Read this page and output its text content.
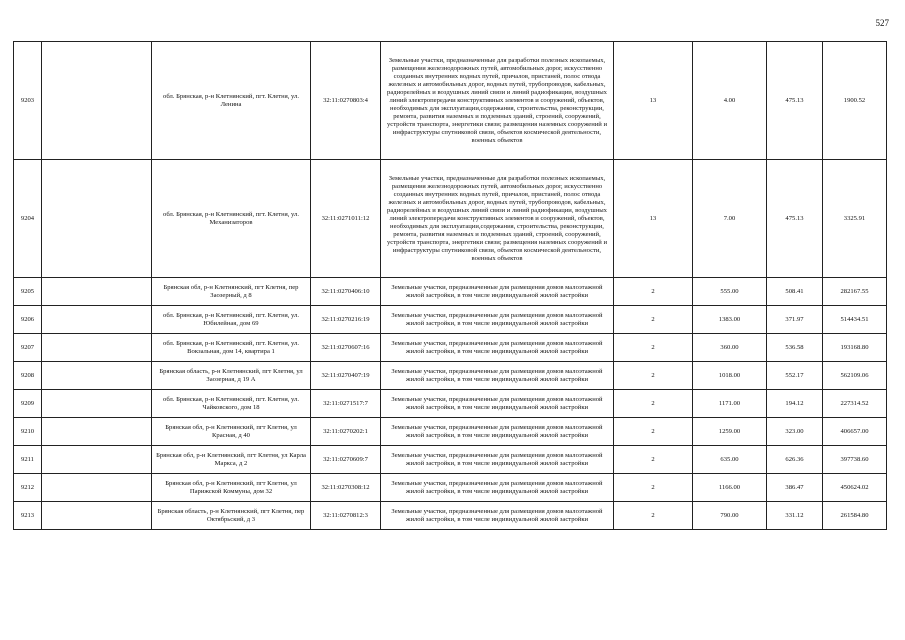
527
9203		обл. Брянская, р-н Клетнянский, пгт. Клетня, ул. Ленина	32:11:0270803:4	Земельные участки, предназначенные для разработки полезных ископаемых, размещения железнодорожных путей, автомобильных дорог, искусственно созданных внутренних водных путей, причалов, пристаней, полос отвода железных и автомобильных дорог, водных путей, трубопроводов, кабельных, радиорелейных и воздушных линий связи и линий радиофикации, воздушных линий электропередачи конструктивных элементов и сооружений, объектов, необходимых для эксплуатации,содержания, строительства, реконструкции, ремонта, развития наземных и подземных зданий, строений, сооружений, устройств транспорта, энергетики связи; размещения наземных сооружений и инфраструктуры спутниковой связи, объектов космической деятельности, военных объектов	13	4.00	475.13	1900.52
9204		обл. Брянская, р-н Клетнянский, пгт. Клетня, ул. Механизаторов	32:11:0271011:12	Земельные участки, предназначенные для разработки полезных ископаемых, размещения железнодорожных путей, автомобильных дорог, искусственно созданных внутренних водных путей, причалов, пристаней, полос отвода железных и автомобильных дорог, водных путей, трубопроводов, кабельных, радиорелейных и воздушных линий связи и линий радиофикации, воздушных линий электропередачи конструктивных элементов и сооружений, объектов, необходимых для эксплуатации,содержания, строительства, реконструкции, ремонта, развития наземных и подземных зданий, строений, сооружений, устройств транспорта, энергетики связи; размещения наземных сооружений и инфраструктуры спутниковой связи, объектов космической деятельности, военных объектов	13	7.00	475.13	3325.91
9205		Брянская обл, р-н Клетнянский, пгт Клетня, пер Заозерный, д 8	32:11:0270406:10	Земельные участки, предназначенные для размещения домов малоэтажной жилой застройки, в том числе индивидуальной жилой застройки	2	555.00	508.41	282167.55
9206		обл. Брянская, р-н Клетнянский, пгт. Клетня, ул. Юбилейная, дом 69	32:11:0270216:19	Земельные участки, предназначенные для размещения домов малоэтажной жилой застройки, в том числе индивидуальной жилой застройки	2	1383.00	371.97	514434.51
9207		обл. Брянская, р-н Клетнянский, пгт. Клетня, ул. Вокзальная, дом 14, квартира 1	32:11:0270607:16	Земельные участки, предназначенные для размещения домов малоэтажной жилой застройки, в том числе индивидуальной жилой застройки	2	360.00	536.58	193168.80
9208		Брянская область, р-н Клетнянский, пгт Клетня, ул Заозерная, д 19 А	32:11:0270407:19	Земельные участки, предназначенные для размещения домов малоэтажной жилой застройки, в том числе индивидуальной жилой застройки	2	1018.00	552.17	562109.06
9209		обл. Брянская, р-н Клетнянский, пгт. Клетня, ул. Чайковского, дом 18	32:11:0271517:7	Земельные участки, предназначенные для размещения домов малоэтажной жилой застройки, в том числе индивидуальной жилой застройки	2	1171.00	194.12	227314.52
9210		Брянская обл, р-н Клетнянский, пгт Клетня, ул Красная, д 40	32:11:0270202:1	Земельные участки, предназначенные для размещения домов малоэтажной жилой застройки, в том числе индивидуальной жилой застройки	2	1259.00	323.00	406657.00
9211		Брянская обл, р-н Клетнянский, пгт Клетня, ул Карла Маркса, д 2	32:11:0270609:7	Земельные участки, предназначенные для размещения домов малоэтажной жилой застройки, в том числе индивидуальной жилой застройки	2	635.00	626.36	397738.60
9212		Брянская обл, р-н Клетнянский, пгт Клетня, ул Парижской Коммуны, дом 32	32:11:0270308:12	Земельные участки, предназначенные для размещения домов малоэтажной жилой застройки, в том числе индивидуальной жилой застройки	2	1166.00	386.47	450624.02
9213		Брянская область, р-н Клетнянский, пгт Клетня, пер Октябрьский, д 3	32:11:0270812:3	Земельные участки, предназначенные для размещения домов малоэтажной жилой застройки, в том числе индивидуальной жилой застройки	2	790.00	331.12	261584.80
